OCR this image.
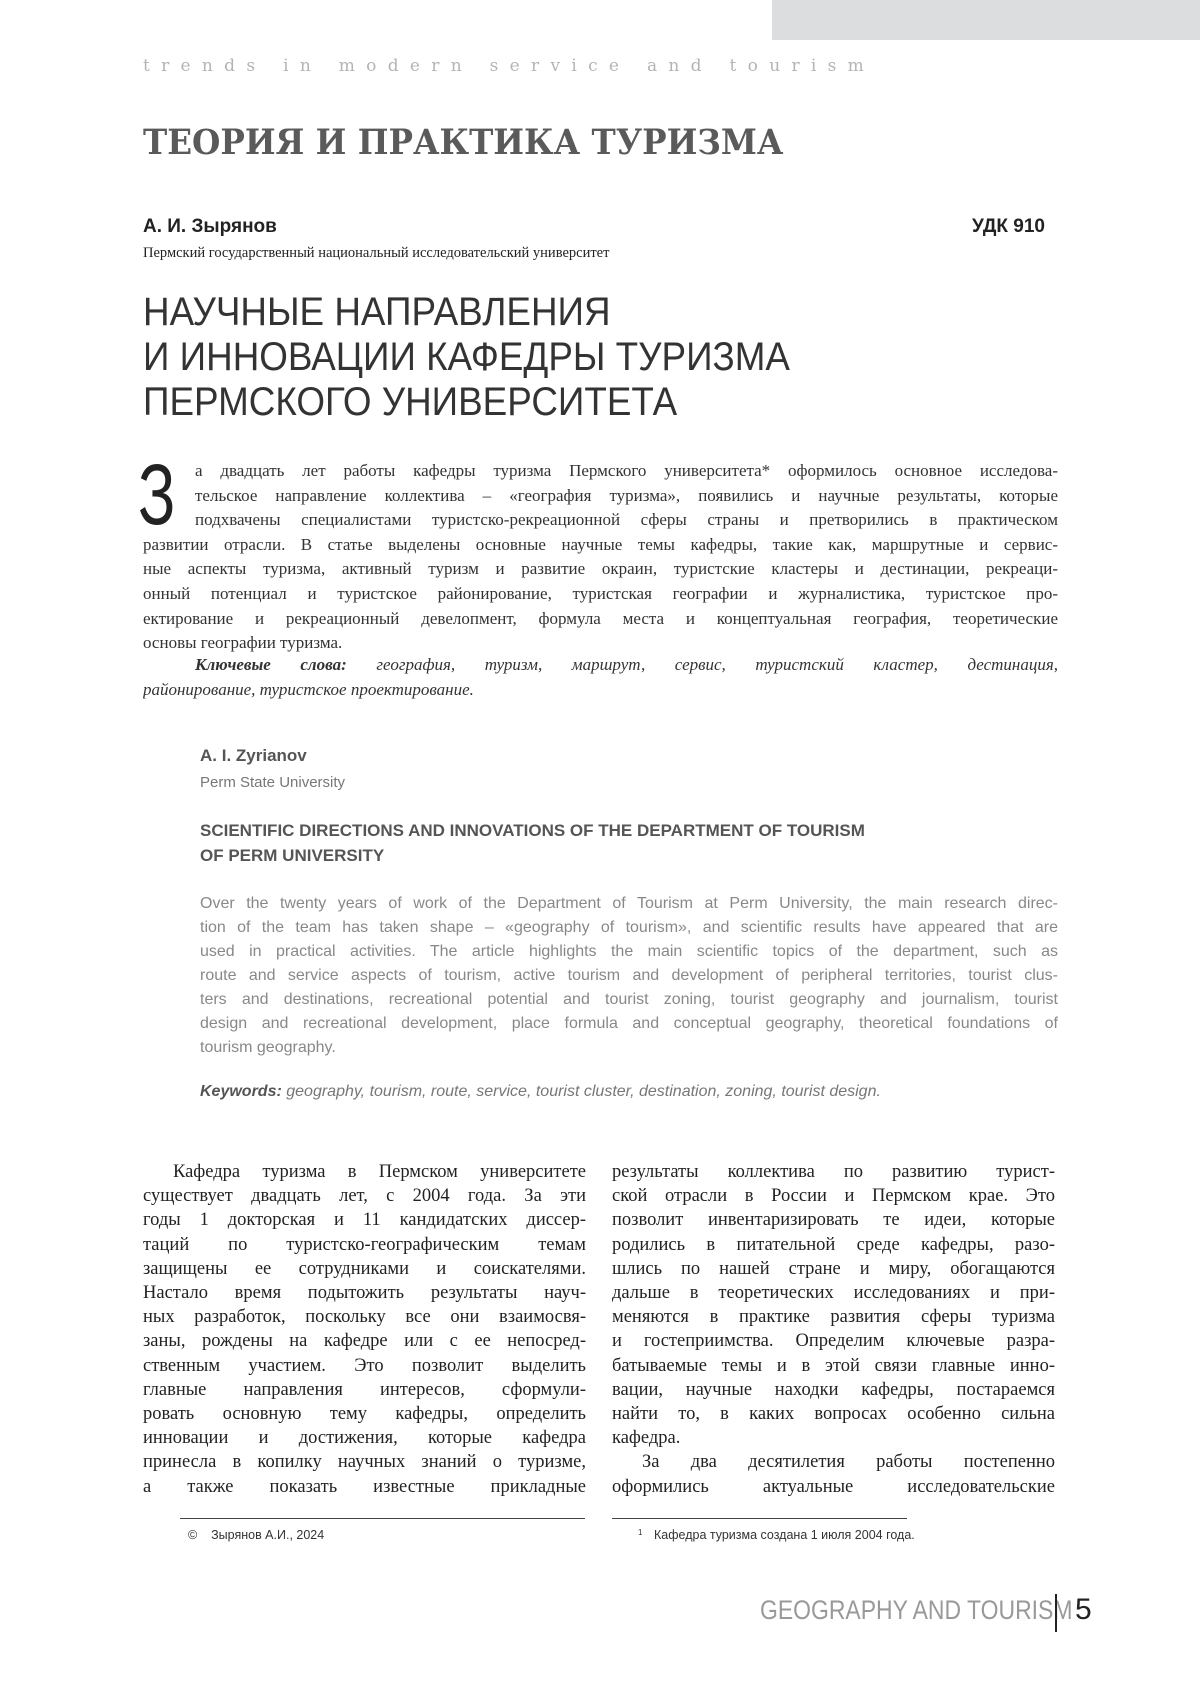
trends in modern service and tourism
ТЕОРИЯ И ПРАКТИКА ТУРИЗМА
А. И. Зырянов	УДК 910
Пермский государственный национальный исследовательский университет
НАУЧНЫЕ НАПРАВЛЕНИЯ
И ИННОВАЦИИ КАФЕДРЫ ТУРИЗМА
ПЕРМСКОГО УНИВЕРСИТЕТА
З	а двадцать лет работы кафедры туризма Пермского университета* оформилось основное исследова-
тельское направление коллектива – «география туризма», появились и научные результаты, которые
подхвачены специалистами туристско-рекреационной сферы страны и претворились в практическом
развитии отрасли. В статье выделены основные научные темы кафедры, такие как, маршрутные и сервис-
ные аспекты туризма, активный туризм и развитие окраин, туристские кластеры и дестинации, рекреаци-
онный потенциал и туристское районирование, туристская географии и журналистика, туристское про-
ектирование и рекреационный девелопмент, формула места и концептуальная география, теоретические
основы географии туризма.
Ключевые слова: география, туризм, маршрут, сервис, туристский кластер, дестинация,
районирование, туристское проектирование.
A. I. Zyrianov
Perm State University
SCIENTIFIC DIRECTIONS AND INNOVATIONS OF THE DEPARTMENT OF TOURISM
OF PERM UNIVERSITY
Over the twenty years of work of the Department of Tourism at Perm University, the main research direc-
tion of the team has taken shape – «geography of tourism», and scientific results have appeared that are
used in practical activities. The article highlights the main scientific topics of the department, such as
route and service aspects of tourism, active tourism and development of peripheral territories, tourist clus-
ters and destinations, recreational potential and tourist zoning, tourist geography and journalism, tourist
design and recreational development, place formula and conceptual geography, theoretical foundations of
tourism geography.
Keywords: geography, tourism, route, service, tourist cluster, destination, zoning, tourist design.
Кафедра туризма в Пермском университете
существует двадцать лет, с 2004 года. За эти
годы 1 докторская и 11 кандидатских диссер-
таций по туристско-географическим темам
защищены ее сотрудниками и соискателями.
Настало время подытожить результаты науч-
ных разработок, поскольку все они взаимосвя-
заны, рождены на кафедре или с ее непосред-
ственным участием. Это позволит выделить
главные направления интересов, сформули-
ровать основную тему кафедры, определить
инновации и достижения, которые кафедра
принесла в копилку научных знаний о туризме,
а также показать известные прикладные
результаты коллектива по развитию турист-
ской отрасли в России и Пермском крае. Это
позволит инвентаризировать те идеи, которые
родились в питательной среде кафедры, разо-
шлись по нашей стране и миру, обогащаются
дальше в теоретических исследованиях и при-
меняются в практике развития сферы туризма
и гостеприимства. Определим ключевые разра-
батываемые темы и в этой связи главные инно-
вации, научные находки кафедры, постараемся
найти то, в каких вопросах особенно сильна
кафедра.
За два десятилетия работы постепенно
оформились актуальные исследовательские
©    Зырянов А.И., 2024	1 Кафедра туризма создана 1 июля 2004 года.
GEOGRAPHY AND TOURISM 5
